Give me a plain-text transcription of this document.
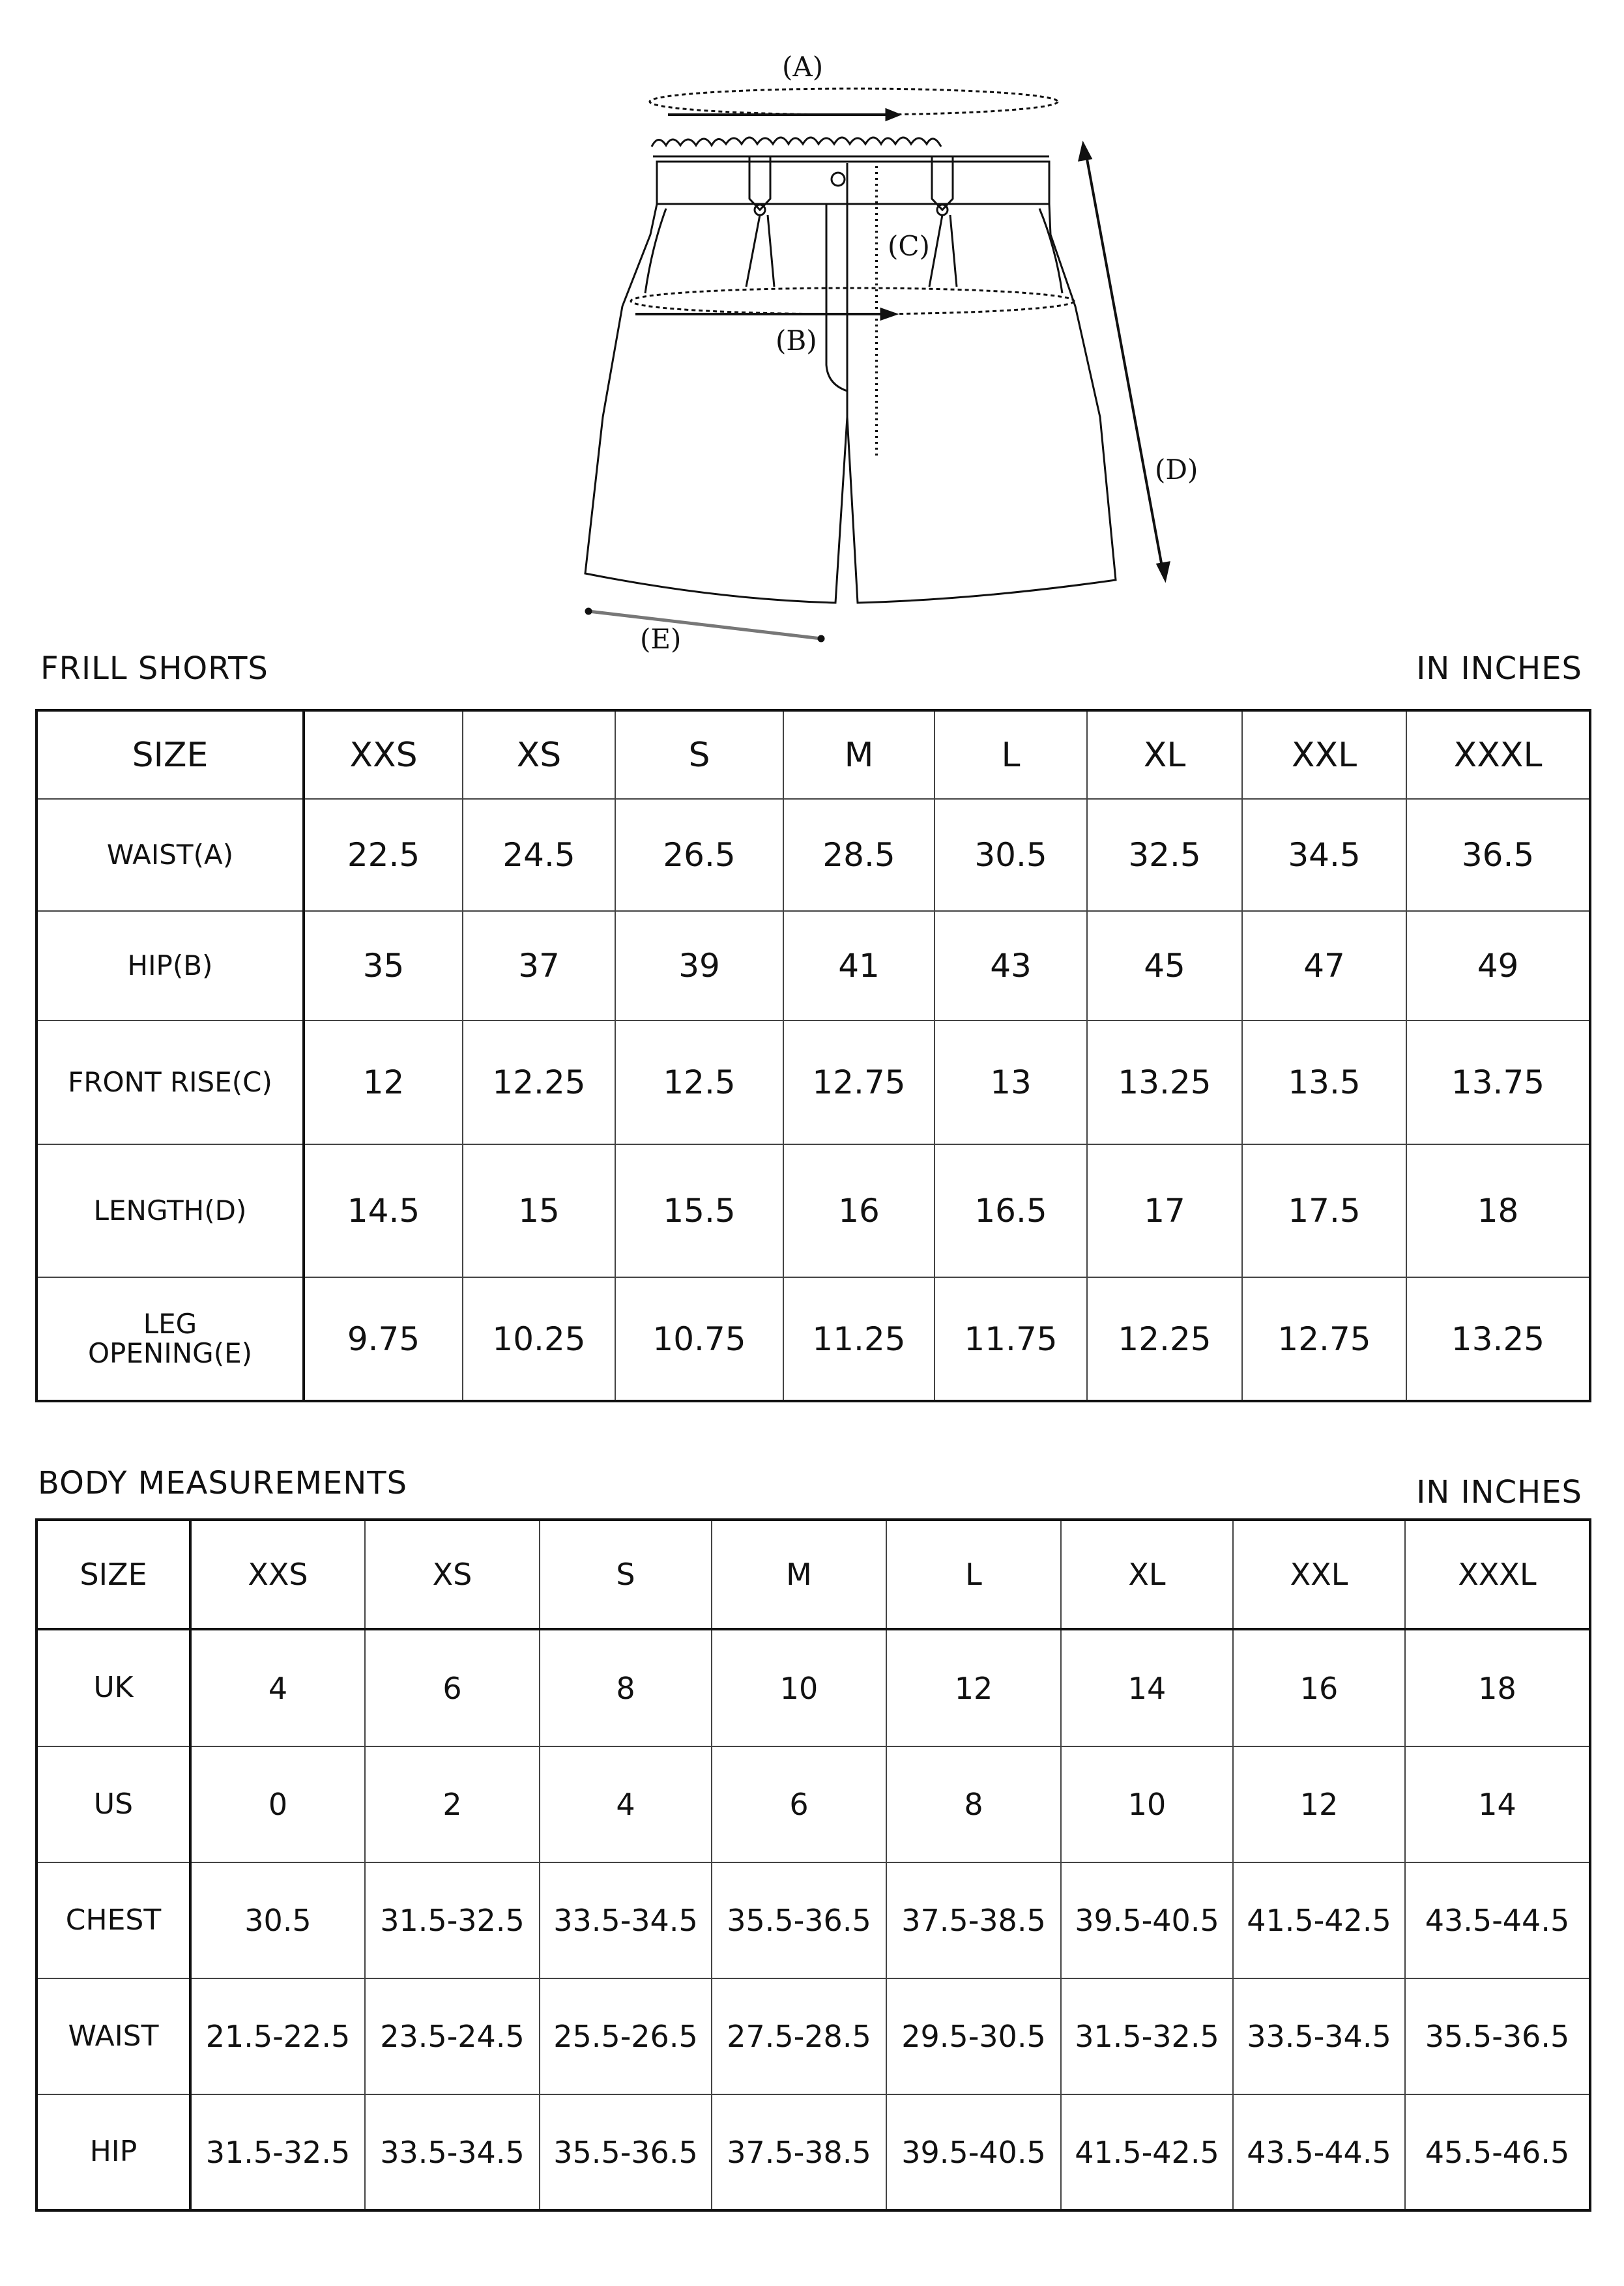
(A)
(B)
(C)
(D)
(E)
FRILL SHORTS	IN INCHES
SIZE	XXS	XS	S	M	L	XL	XXL	XXXL
WAIST(A)	22.5	24.5	26.5	28.5	30.5	32.5	34.5	36.5
HIP(B)	35	37	39	41	43	45	47	49
FRONT RISE(C)	12	12.25	12.5	12.75	13	13.25	13.5	13.75
LENGTH(D)	14.5	15	15.5	16	16.5	17	17.5	18
LEG
OPENING(E)	9.75	10.25	10.75	11.25	11.75	12.25	12.75	13.25
BODY MEASUREMENTS	IN INCHES
SIZE	XXS	XS	S	M	L	XL	XXL	XXXL
UK	4	6	8	10	12	14	16	18
US	0	2	4	6	8	10	12	14
CHEST	30.5	31.5-32.5	33.5-34.5	35.5-36.5	37.5-38.5	39.5-40.5	41.5-42.5	43.5-44.5
WAIST	21.5-22.5	23.5-24.5	25.5-26.5	27.5-28.5	29.5-30.5	31.5-32.5	33.5-34.5	35.5-36.5
HIP	31.5-32.5	33.5-34.5	35.5-36.5	37.5-38.5	39.5-40.5	41.5-42.5	43.5-44.5	45.5-46.5
